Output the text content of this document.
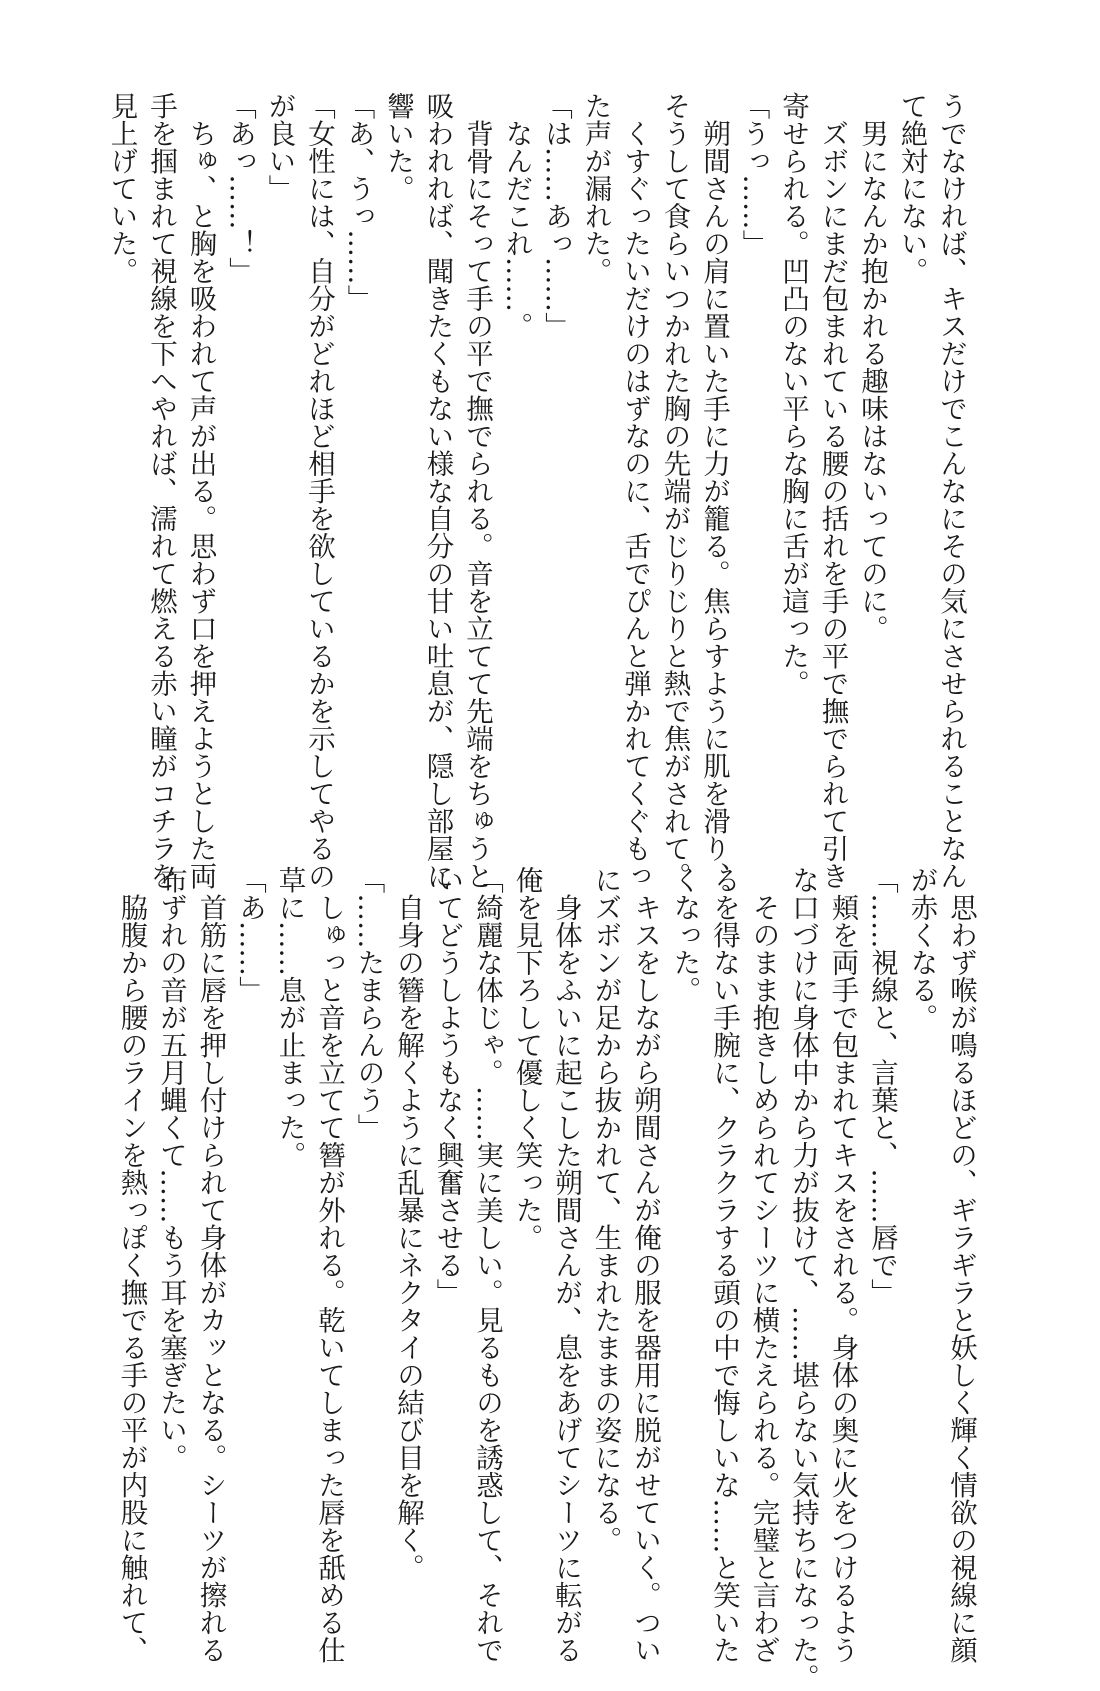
うでなければ、キスだけでこんなにその気にさせられることなん
て絶対にない。
　男になんか抱かれる趣味はないってのに。
　ズボンにまだ包まれている腰の括れを手の平で撫でられて引き
寄せられる。凹凸のない平らな胸に舌が這った。
「うっ……」
　朔間さんの肩に置いた手に力が籠る。焦らすように肌を滑り、
そうして食らいつかれた胸の先端がじりじりと熱で焦がされて。
　くすぐったいだけのはずなのに、舌でぴんと弾かれてくぐもっ
た声が漏れた。
「は……あっ……」
　なんだこれ……。
　背骨にそって手の平で撫でられる。音を立てて先端をちゅうと
吸われれば、聞きたくもない様な自分の甘い吐息が、隠し部屋に
響いた。
「あ、うっ……」
「女性には、自分がどれほど相手を欲しているかを示してやるの
が良い」
「あっ……！」
　ちゅ、と胸を吸われて声が出る。思わず口を押えようとした両
手を掴まれて視線を下へやれば、濡れて燃える赤い瞳がコチラを
見上げていた。
　思わず喉が鳴るほどの、ギラギラと妖しく輝く情欲の視線に顔
が赤くなる。
「……視線と、言葉と、……唇で」
　頬を両手で包まれてキスをされる。身体の奥に火をつけるよう
な口づけに身体中から力が抜けて、……堪らない気持ちになった。
　そのまま抱きしめられてシーツに横たえられる。完璧と言わざ
るを得ない手腕に、クラクラする頭の中で悔しいな……と笑いた
くなった。
　キスをしながら朔間さんが俺の服を器用に脱がせていく。つい
にズボンが足から抜かれて、生まれたままの姿になる。
　身体をふいに起こした朔間さんが、息をあげてシーツに転がる
俺を見下ろして優しく笑った。
「綺麗な体じゃ。……実に美しい。見るものを誘惑して、それで
いてどうしようもなく興奮させる」
　自身の簪を解くように乱暴にネクタイの結び目を解く。
「……たまらんのう」
　しゅっと音を立てて簪が外れる。乾いてしまった唇を舐める仕
草に……息が止まった。
「あ……」
　首筋に唇を押し付けられて身体がカッとなる。シーツが擦れる
布ずれの音が五月蝿くて……もう耳を塞ぎたい。
　脇腹から腰のラインを熱っぽく撫でる手の平が内股に触れて、
